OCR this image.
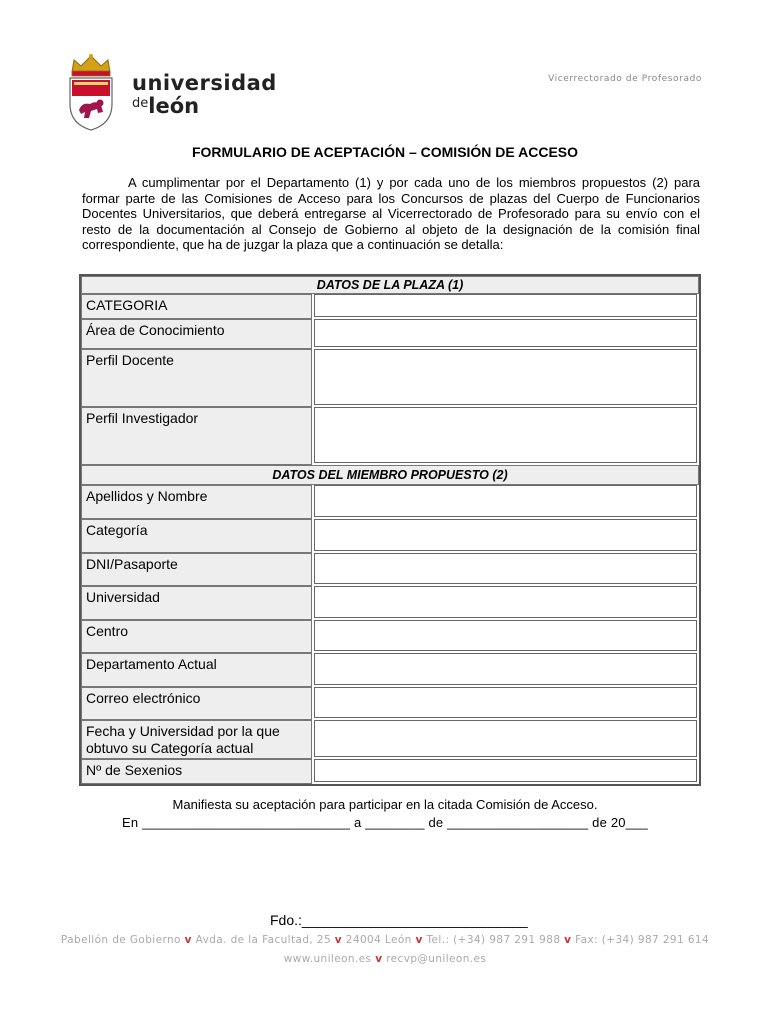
universidad
$^{de}$león
Vicerrectorado de Profesorado
FORMULARIO DE ACEPTACIÓN – COMISIÓN DE ACCESO
A cumplimentar por el Departamento (1) y por cada uno de los miembros propuestos (2) para formar parte de las Comisiones de Acceso para los Concursos de plazas del Cuerpo de Funcionarios Docentes Universitarios, que deberá entregarse al Vicerrectorado de Profesorado para su envío con el resto de la documentación al Consejo de Gobierno al objeto de la designación de la comisión final correspondiente, que ha de juzgar la plaza que a continuación se detalla:
DATOS DE LA PLAZA (1)
CATEGORIA
Área de Conocimiento
Perfil Docente
Perfil Investigador
DATOS DEL MIEMBRO PROPUESTO (2)
Apellidos y Nombre
Categoría
DNI/Pasaporte
Universidad
Centro
Departamento Actual
Correo electrónico
Fecha y Universidad por la que
obtuvo su Categoría actual
Nº de Sexenios
Manifiesta su aceptación para participar en la citada Comisión de Acceso.
En ____________________________ a ________ de ___________________ de 20___
Fdo.:_____________________________
Pabellón de Gobierno v Avda. de la Facultad, 25 v 24004 León v Tel.: (+34) 987 291 988 v Fax: (+34) 987 291 614
www.unileon.es v recvp@unileon.es
